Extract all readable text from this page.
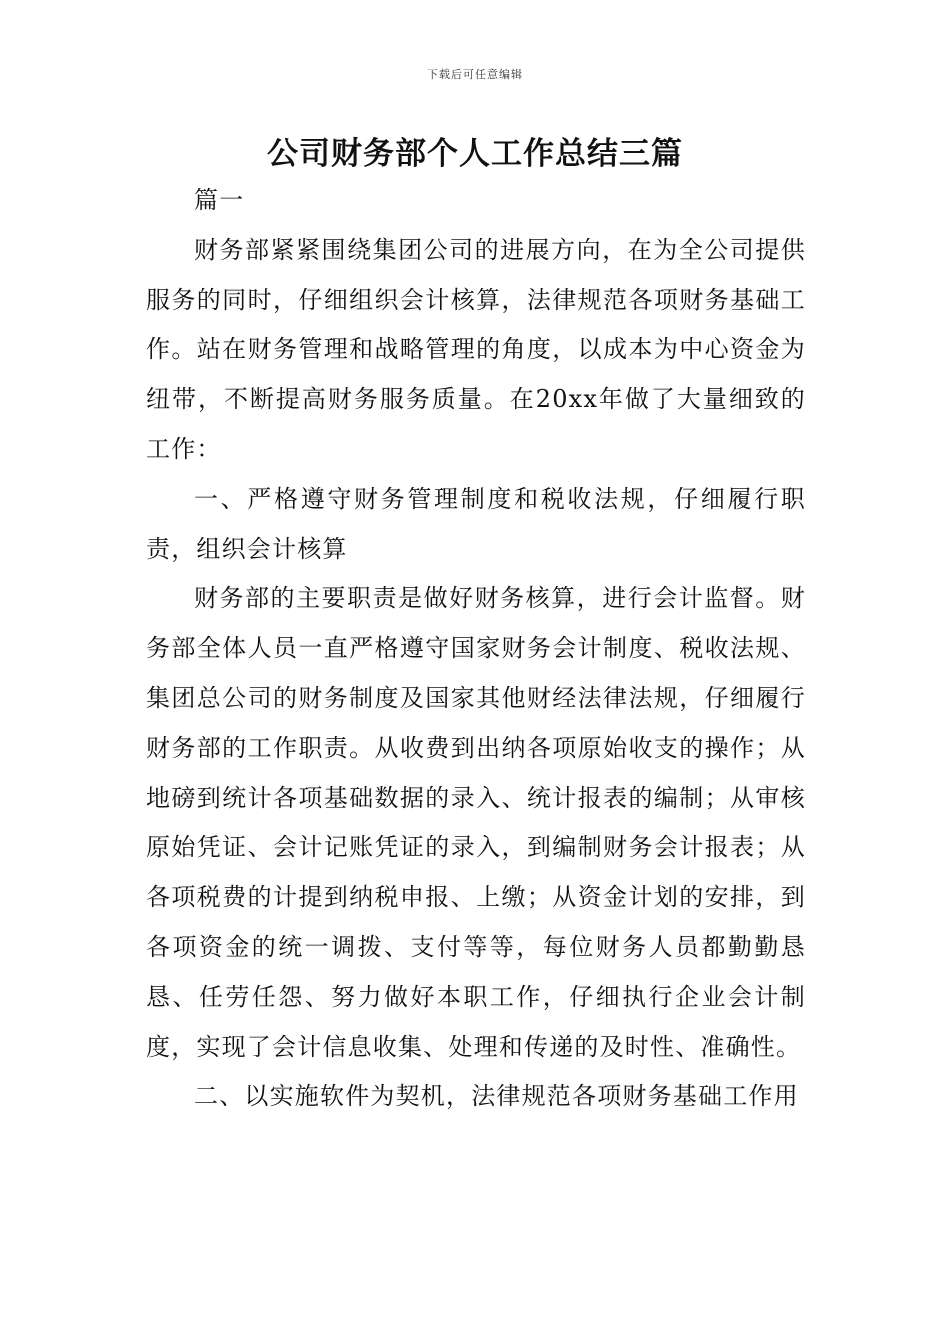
下载后可任意编辑
公司财务部个人工作总结三篇

篇一

财务部紧紧围绕集团公司的进展方向，在为全公司提供服务的同时，仔细组织会计核算，法律规范各项财务基础工作。站在财务管理和战略管理的角度，以成本为中心资金为纽带，不断提高财务服务质量。在20xx年做了大量细致的工作：

一、严格遵守财务管理制度和税收法规，仔细履行职责，组织会计核算

财务部的主要职责是做好财务核算，进行会计监督。财务部全体人员一直严格遵守国家财务会计制度、税收法规、集团总公司的财务制度及国家其他财经法律法规，仔细履行财务部的工作职责。从收费到出纳各项原始收支的操作；从地磅到统计各项基础数据的录入、统计报表的编制；从审核原始凭证、会计记账凭证的录入，到编制财务会计报表；从各项税费的计提到纳税申报、上缴；从资金计划的安排，到各项资金的统一调拨、支付等等，每位财务人员都勤勤恳恳、任劳任怨、努力做好本职工作，仔细执行企业会计制度，实现了会计信息收集、处理和传递的及时性、准确性。

二、以实施软件为契机，法律规范各项财务基础工作用
